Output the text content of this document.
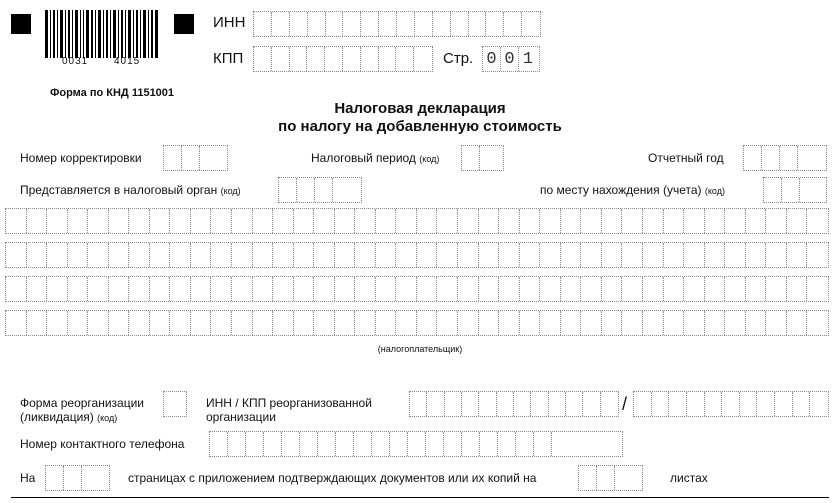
0031	4015
ИНН
КПП	Стр. 0 0 1
Форма по КНД 1151001
Налоговая декларация
по налогу на добавленную стоимость
Номер корректировки	Налоговый период (код)	Отчетный год
Представляется в налоговый орган (код)	по месту нахождения (учета) (код)
(налогоплательщик)
Форма реорганизации
(ликвидация) (код)
ИНН / КПП реорганизованной
организации
/
Номер контактного телефона
На	страницах с приложением подтверждающих документов или их копий на	листах
